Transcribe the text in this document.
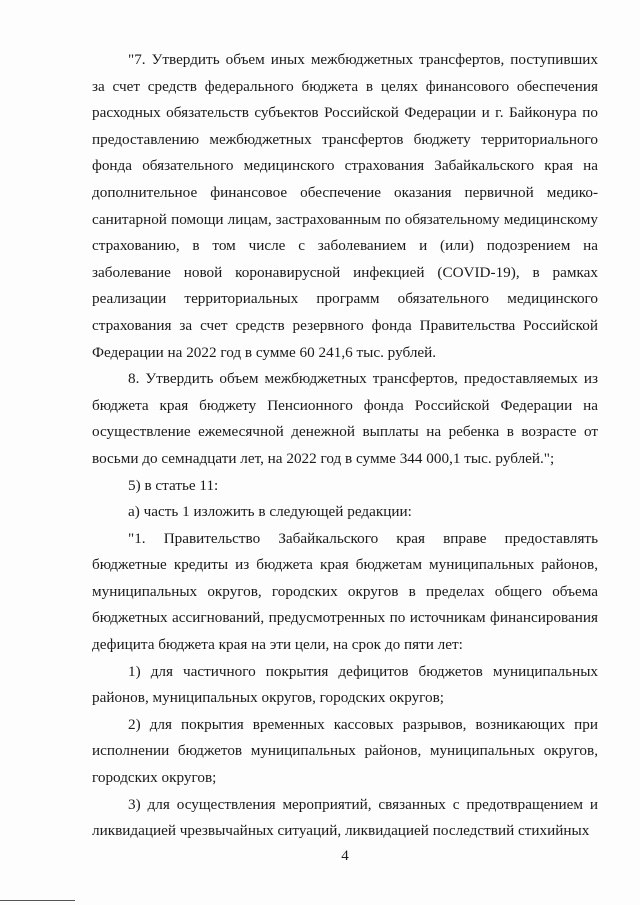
"7. Утвердить объем иных межбюджетных трансфертов, поступивших за счет средств федерального бюджета в целях финансового обеспечения расходных обязательств субъектов Российской Федерации и г. Байконура по предоставлению межбюджетных трансфертов бюджету территориального фонда обязательного медицинского страхования Забайкальского края на дополнительное финансовое обеспечение оказания первичной медико-санитарной помощи лицам, застрахованным по обязательному медицинскому страхованию, в том числе с заболеванием и (или) подозрением на заболевание новой коронавирусной инфекцией (COVID-19), в рамках реализации территориальных программ обязательного медицинского страхования за счет средств резервного фонда Правительства Российской Федерации на 2022 год в сумме 60 241,6 тыс. рублей.

8. Утвердить объем межбюджетных трансфертов, предоставляемых из бюджета края бюджету Пенсионного фонда Российской Федерации на осуществление ежемесячной денежной выплаты на ребенка в возрасте от восьми до семнадцати лет, на 2022 год в сумме 344 000,1 тыс. рублей.";

5) в статье 11:

а) часть 1 изложить в следующей редакции:

"1. Правительство Забайкальского края вправе предоставлять бюджетные кредиты из бюджета края бюджетам муниципальных районов, муниципальных округов, городских округов в пределах общего объема бюджетных ассигнований, предусмотренных по источникам финансирования дефицита бюджета края на эти цели, на срок до пяти лет:

1) для частичного покрытия дефицитов бюджетов муниципальных районов, муниципальных округов, городских округов;

2) для покрытия временных кассовых разрывов, возникающих при исполнении бюджетов муниципальных районов, муниципальных округов, городских округов;

3) для осуществления мероприятий, связанных с предотвращением и ликвидацией чрезвычайных ситуаций, ликвидацией последствий стихийных

4
